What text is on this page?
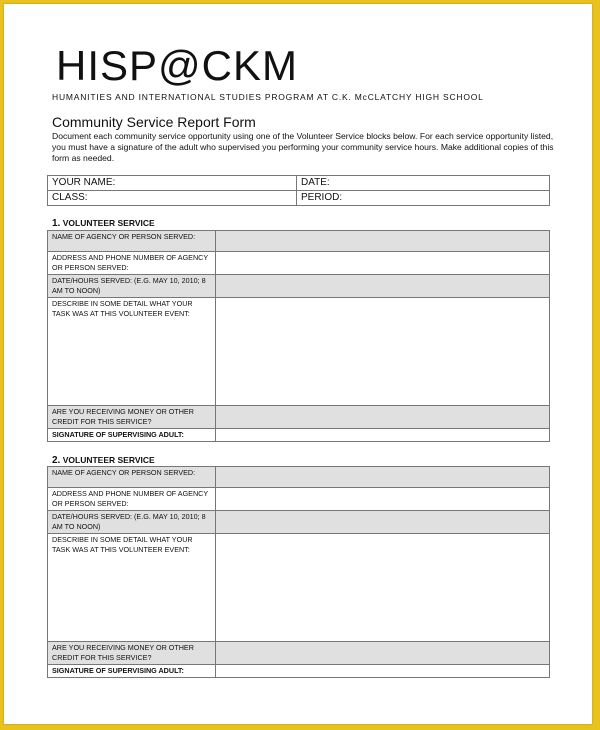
HISP@CKM
HUMANITIES AND INTERNATIONAL STUDIES PROGRAM AT C.K. McCLATCHY HIGH SCHOOL
Community Service Report Form
Document each community service opportunity using one of the Volunteer Service blocks below. For each service opportunity listed, you must have a signature of the adult who supervised you performing your community service hours. Make additional copies of this form as needed.
YOUR NAME:	DATE:
CLASS:	PERIOD:
1. VOLUNTEER SERVICE
NAME OF AGENCY OR PERSON SERVED:	
ADDRESS AND PHONE NUMBER OF AGENCY OR PERSON SERVED:	
DATE/HOURS SERVED: (E.G. MAY 10, 2010; 8 AM TO NOON)	
DESCRIBE IN SOME DETAIL WHAT YOUR TASK WAS AT THIS VOLUNTEER EVENT:	
ARE YOU RECEIVING MONEY OR OTHER CREDIT FOR THIS SERVICE?	
SIGNATURE OF SUPERVISING ADULT:	
2. VOLUNTEER SERVICE
NAME OF AGENCY OR PERSON SERVED:	
ADDRESS AND PHONE NUMBER OF AGENCY OR PERSON SERVED:	
DATE/HOURS SERVED: (E.G. MAY 10, 2010; 8 AM TO NOON)	
DESCRIBE IN SOME DETAIL WHAT YOUR TASK WAS AT THIS VOLUNTEER EVENT:	
ARE YOU RECEIVING MONEY OR OTHER CREDIT FOR THIS SERVICE?	
SIGNATURE OF SUPERVISING ADULT:	
